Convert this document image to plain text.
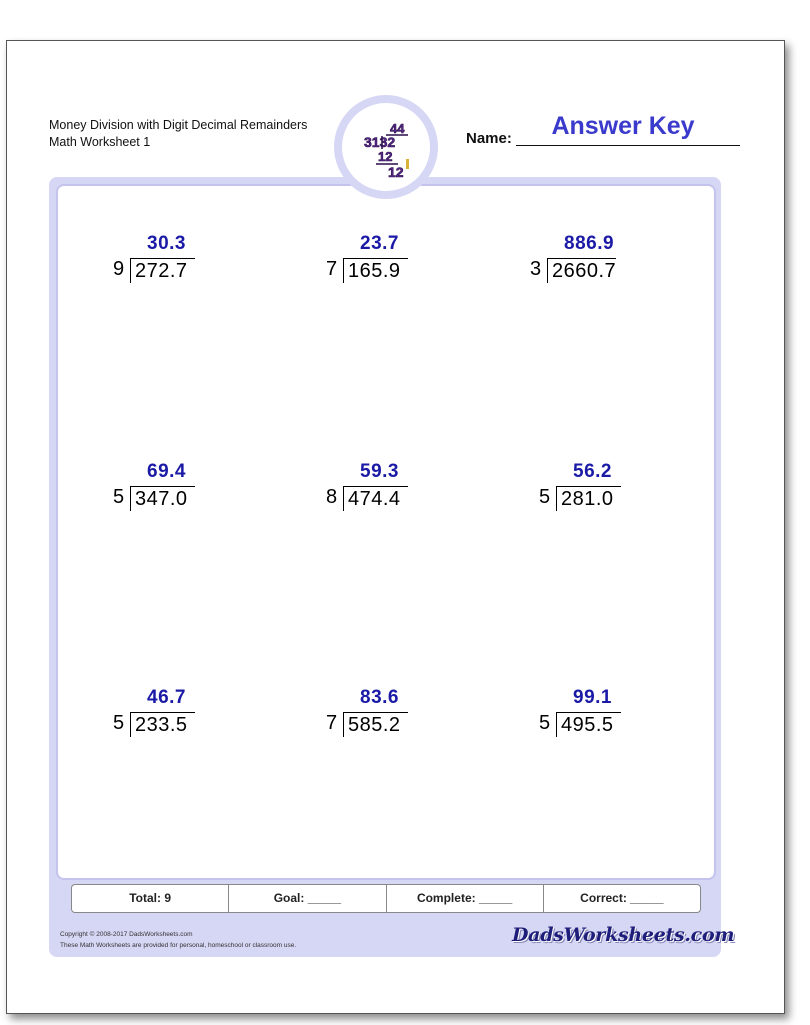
Money Division with Digit Decimal Remainders
Math Worksheet 1	Name:	Answer Key
44
3132
12
12
30.3
9 272.7
23.7
7 165.9
886.9
3 2660.7
69.4
5 347.0
59.3
8 474.4
56.2
5 281.0
46.7
5 233.5
83.6
7 585.2
99.1
5 495.5
Total: 9	Goal: _____	Complete: _____	Correct: _____
Copyright © 2008-2017 DadsWorksheets.com
These Math Worksheets are provided for personal, homeschool or classroom use.	DadsWorksheets.com
